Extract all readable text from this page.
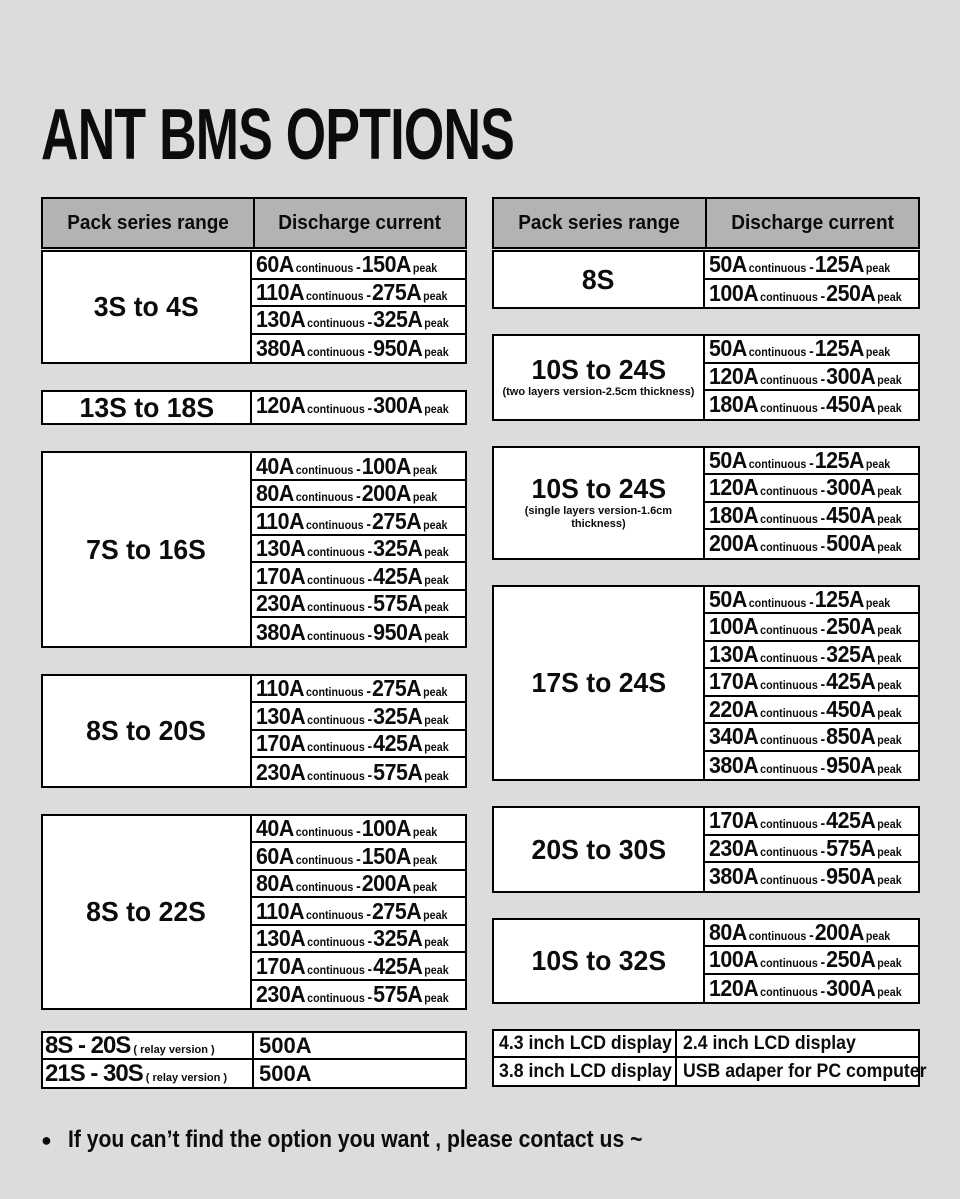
ANT BMS OPTIONS
Pack series range Discharge current
3S to 4S
60A continuous -150A peak
110A continuous -275A peak
130A continuous -325A peak
380A continuous -950A peak
13S to 18S 120A continuous -300A peak
7S to 16S
40A continuous -100A peak
80A continuous -200A peak
110A continuous -275A peak
130A continuous -325A peak
170A continuous -425A peak
230A continuous -575A peak
380A continuous -950A peak
8S to 20S
110A continuous -275A peak
130A continuous -325A peak
170A continuous -425A peak
230A continuous -575A peak
8S to 22S
40A continuous -100A peak
60A continuous -150A peak
80A continuous -200A peak
110A continuous -275A peak
130A continuous -325A peak
170A continuous -425A peak
230A continuous -575A peak
8S - 20S ( relay version ) 500A
21S - 30S ( relay version ) 500A
Pack series range	Discharge current
8S	50A continuous -125A peak
100A continuous -250A peak
10S to 24S
(two layers version-2.5cm thickness)
50A continuous -125A peak
120A continuous -300A peak
180A continuous -450A peak
10S to 24S
(single layers version-1.6cm thickness)
50A continuous -125A peak
120A continuous -300A peak
180A continuous -450A peak
200A continuous -500A peak
17S to 24S
50A continuous -125A peak
100A continuous -250A peak
130A continuous -325A peak
170A continuous -425A peak
220A continuous -450A peak
340A continuous -850A peak
380A continuous -950A peak
20S to 30S
170A continuous -425A peak
230A continuous -575A peak
380A continuous -950A peak
10S to 32S
80A continuous -200A peak
100A continuous -250A peak
120A continuous -300A peak
4.3 inch LCD display 2.4 inch LCD display
3.8 inch LCD display USB adaper for PC computer
● If you can’t find the option you want , please contact us ~
